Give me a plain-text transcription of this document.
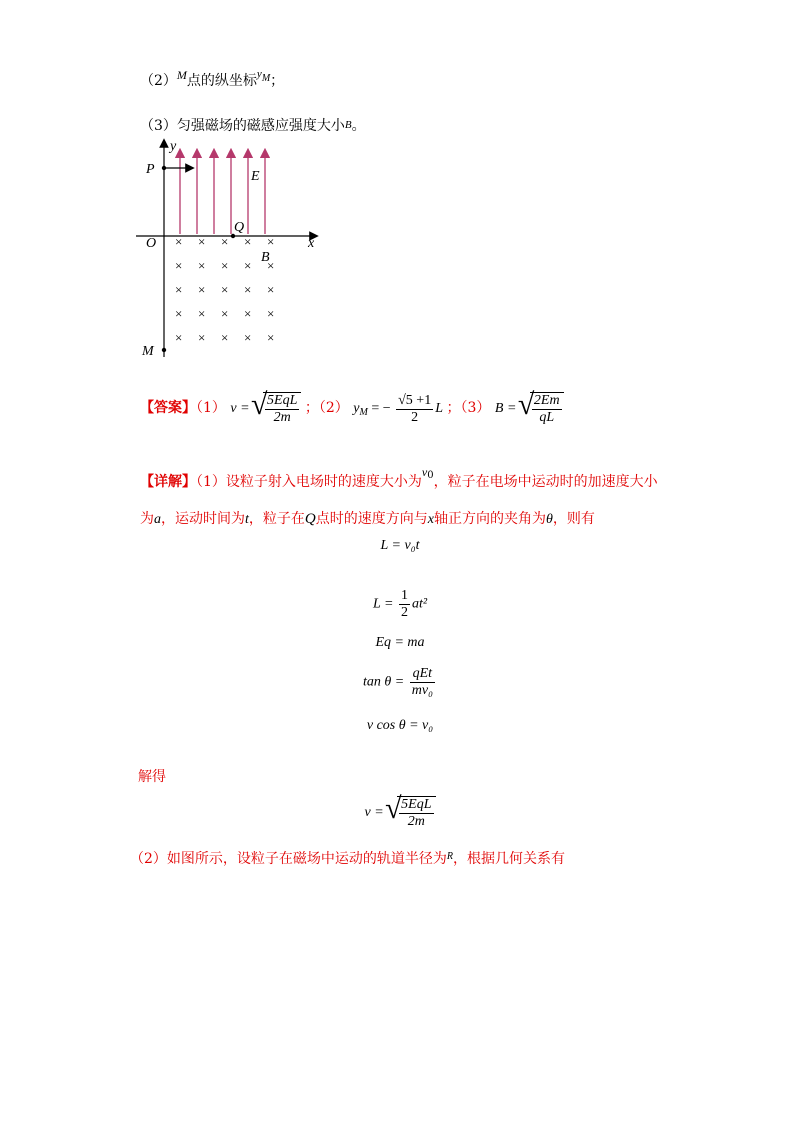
（2）M点的纵坐标$^{yM}$；
（3）匀强磁场的磁感应强度大小B。
y
x
P
O
Q
E
B
M
× × × × ×
× × × × ×
× × × × ×
× × × × ×
× × × × ×
【答案】（1） v = √ $\frac{\text{5EqL}}{2m}$ ；（2） $y_M$ = − $\frac{√5 +1}{2}$ L ；（3） B = √ $\frac{2Em}{qL}$
【详解】（1）设粒子射入电场时的速度大小为$v^0$，粒子在电场中运动时的加速度大小
为a，运动时间为t，粒子在Q点时的速度方向与x轴正方向的夹角为θ，则有
L = v₀t
$L = \frac{1}{2} at^2$
Eq = ma
$\tan \theta = \frac{\text{qEt}}{\text{mv₀}}$
v cos θ = v₀
解得
v = √ $\frac{\text{5EqL}}{2m}$
（2）如图所示，设粒子在磁场中运动的轨道半径为$^R$，根据几何关系有
